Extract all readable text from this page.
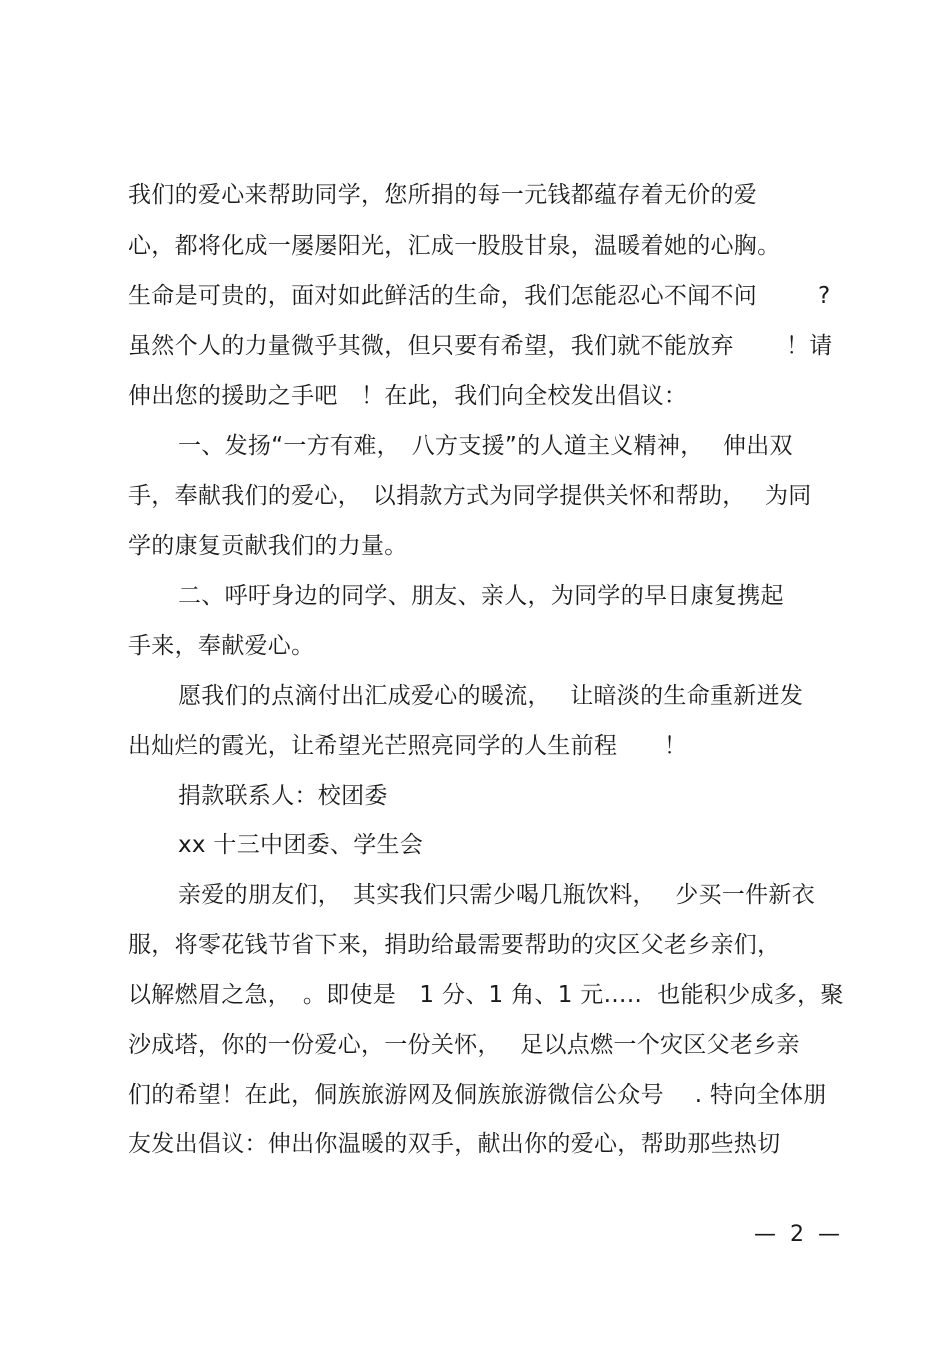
我们的爱心来帮助同学，您所捐的每一元钱都蕴存着无价的爱
心，都将化成一屡屡阳光，汇成一股股甘泉，温暖着她的心胸。
生命是可贵的，面对如此鲜活的生命，我们怎能忍心不闻不问	?
虽然个人的力量微乎其微，但只要有希望，我们就不能放弃 ！请
伸出您的援助之手吧　！在此，我们向全校发出倡议：
一、发扬“一方有难，　八方支援”的人道主义精神，　 伸出双
手，奉献我们的爱心，　以捐款方式为同学提供关怀和帮助，　 为同
学的康复贡献我们的力量。
二、呼吁身边的同学、朋友、亲人，为同学的早日康复携起
手来，奉献爱心。
愿我们的点滴付出汇成爱心的暖流，　 让暗淡的生命重新迸发
出灿烂的霞光，让希望光芒照亮同学的人生前程　　！
捐款联系人：校团委
xx 十三中团委、学生会
亲爱的朋友们，　其实我们只需少喝几瓶饮料，　 少买一件新衣
服，将零花钱节省下来，捐助给最需要帮助的灾区父老乡亲们，
以解燃眉之急，　。即使是　1 分、1 角、1 元…..  也能积少成多，聚
沙成塔，你的一份爱心，一份关怀，　 足以点燃一个灾区父老乡亲
们的希望！在此，侗族旅游网及侗族旅游微信公众号　 . 特向全体朋
友发出倡议：伸出你温暖的双手，献出你的爱心，帮助那些热切
—  2  —
